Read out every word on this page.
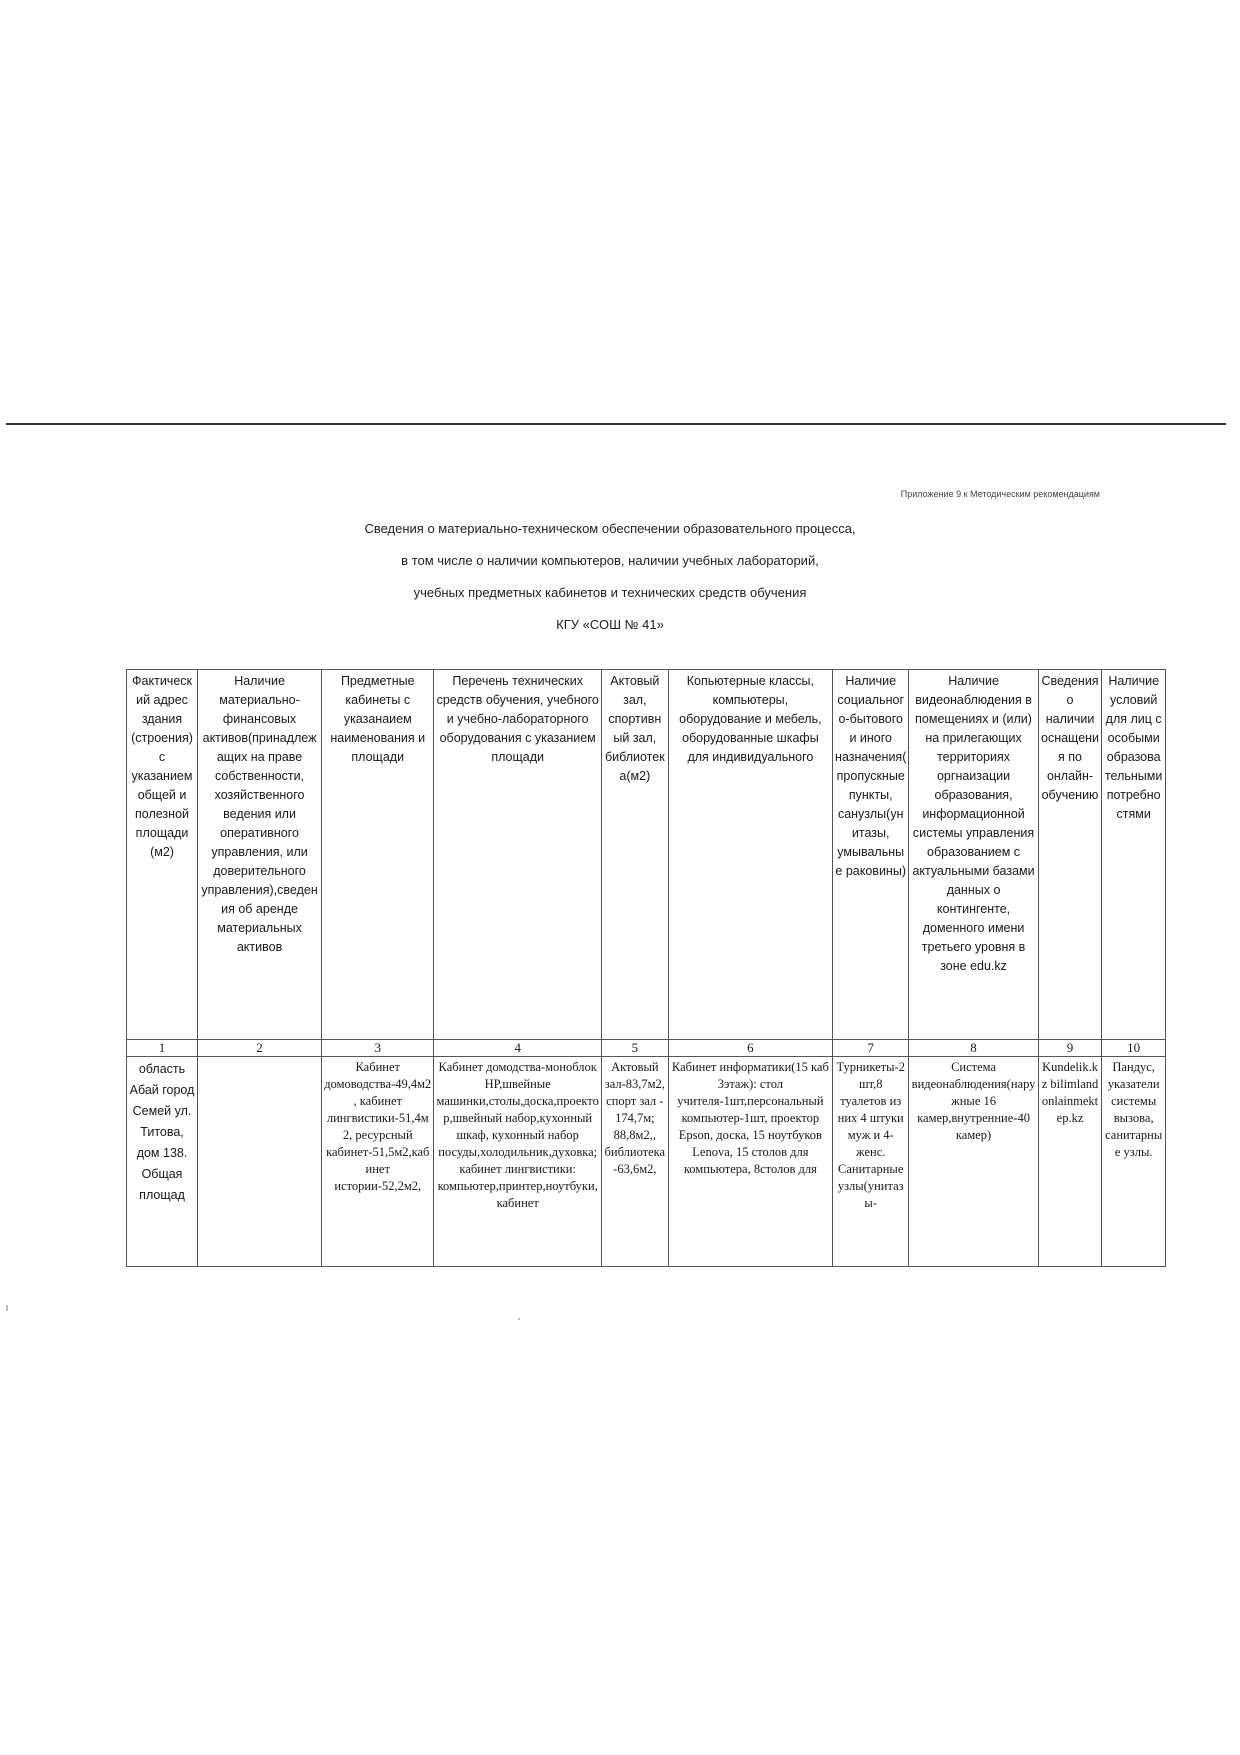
Приложение 9 к Методическим рекомендациям
Сведения о материально-техническом обеспечении образовательного процесса,
в том числе о наличии компьютеров, наличии учебных лабораторий,
учебных предметных кабинетов и технических средств обучения
КГУ «СОШ № 41»
Фактический адрес здания (строения) с указанием общей и полезной площади (м2)	Наличие материально-финансовых активов(принадлежащих на праве собственности, хозяйственного ведения или оперативного управления, или доверительного управления),сведения об аренде материальных активов	Предметные кабинеты с указанаием наименования и площади	Перечень технических средств обучения, учебного и учебно-лабораторного оборудования с указанием площади	Актовый зал, спортивный зал, библиотека(м2)	Копьютерные классы, компьютеры, оборудование и мебель, оборудованные шкафы для индивидуального	Наличие социального-бытового и иного назначения(пропускные пункты, санузлы(унитазы, умывальные раковины)	Наличие видеонаблюдения в помещениях и (или) на прилегающих территориях оргнаизации образования, информационной системы управления образованием с актуальными базами данных о контингенте, доменного имени третьего уровня в зоне edu.kz	Сведения о наличии оснащения по онлайн-обучению	Наличие условий для лиц с особыми образовательными потребностями
1	2	3	4	5	6	7	8	9	10

область Абай город Семей ул. Титова, дом 138. Общая площад		Кабинет домоводства-49,4м2, кабинет лингвистики-51,4м2, ресурсный кабинет-51,5м2,кабинет истории-52,2м2,	Кабинет домодства-моноблок HP,швейные машинки,столы,доска,проектор,швейный набор,кухонный шкаф, кухонный набор посуды,холодильник,духовка;кабинет лингвистики: компьютер,принтер,ноутбуки,кабинет	Актовый зал-83,7м2, спорт зал - 174,7м; 88,8м2,, библиотека-63,6м2,	Кабинет информатики(15 каб 3этаж): стол учителя-1шт,персональный компьютер-1шт, проектор Epson, доска, 15 ноутбуков Lenova, 15 столов для компьютера, 8столов для	Турникеты-2шт,8 туалетов из них 4 штуки муж и 4-женс. Санитарные узлы(унитазы-	Система видеонаблюдения(наружные 16 камер,внутренние-40 камер)	Kundelik.kz bilimland onlainmektep.kz	Пандус, указатели системы вызова, санитарные узлы.
